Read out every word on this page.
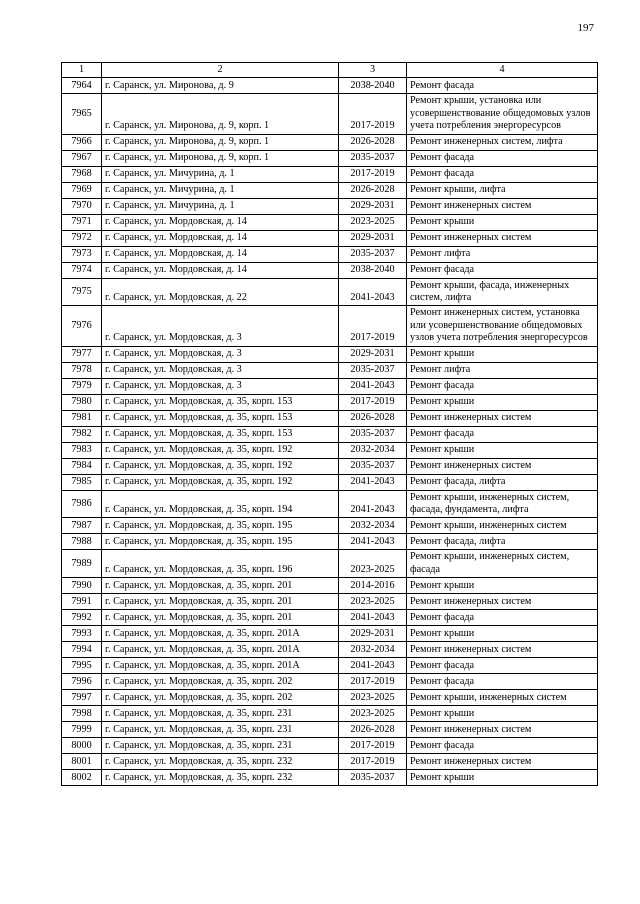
197
1	2	3	4
7964	г. Саранск, ул. Миронова, д. 9	2038-2040	Ремонт фасада
7965	г. Саранск, ул. Миронова, д. 9, корп. 1	2017-2019	Ремонт крыши, установка или усовершенствование общедомовых узлов учета потребления энергоресурсов
7966	г. Саранск, ул. Миронова, д. 9, корп. 1	2026-2028	Ремонт инженерных систем, лифта
7967	г. Саранск, ул. Миронова, д. 9, корп. 1	2035-2037	Ремонт фасада
7968	г. Саранск, ул. Мичурина, д. 1	2017-2019	Ремонт фасада
7969	г. Саранск, ул. Мичурина, д. 1	2026-2028	Ремонт крыши, лифта
7970	г. Саранск, ул. Мичурина, д. 1	2029-2031	Ремонт инженерных систем
7971	г. Саранск, ул. Мордовская, д. 14	2023-2025	Ремонт крыши
7972	г. Саранск, ул. Мордовская, д. 14	2029-2031	Ремонт инженерных систем
7973	г. Саранск, ул. Мордовская, д. 14	2035-2037	Ремонт лифта
7974	г. Саранск, ул. Мордовская, д. 14	2038-2040	Ремонт фасада
7975	г. Саранск, ул. Мордовская, д. 22	2041-2043	Ремонт крыши, фасада, инженерных систем, лифта
7976	г. Саранск, ул. Мордовская, д. 3	2017-2019	Ремонт инженерных систем, установка или усовершенствование общедомовых узлов учета потребления энергоресурсов
7977	г. Саранск, ул. Мордовская, д. 3	2029-2031	Ремонт крыши
7978	г. Саранск, ул. Мордовская, д. 3	2035-2037	Ремонт лифта
7979	г. Саранск, ул. Мордовская, д. 3	2041-2043	Ремонт фасада
7980	г. Саранск, ул. Мордовская, д. 35, корп. 153	2017-2019	Ремонт крыши
7981	г. Саранск, ул. Мордовская, д. 35, корп. 153	2026-2028	Ремонт инженерных систем
7982	г. Саранск, ул. Мордовская, д. 35, корп. 153	2035-2037	Ремонт фасада
7983	г. Саранск, ул. Мордовская, д. 35, корп. 192	2032-2034	Ремонт крыши
7984	г. Саранск, ул. Мордовская, д. 35, корп. 192	2035-2037	Ремонт инженерных систем
7985	г. Саранск, ул. Мордовская, д. 35, корп. 192	2041-2043	Ремонт фасада, лифта
7986	г. Саранск, ул. Мордовская, д. 35, корп. 194	2041-2043	Ремонт крыши, инженерных систем, фасада, фундамента, лифта
7987	г. Саранск, ул. Мордовская, д. 35, корп. 195	2032-2034	Ремонт крыши, инженерных систем
7988	г. Саранск, ул. Мордовская, д. 35, корп. 195	2041-2043	Ремонт фасада, лифта
7989	г. Саранск, ул. Мордовская, д. 35, корп. 196	2023-2025	Ремонт крыши, инженерных систем, фасада
7990	г. Саранск, ул. Мордовская, д. 35, корп. 201	2014-2016	Ремонт крыши
7991	г. Саранск, ул. Мордовская, д. 35, корп. 201	2023-2025	Ремонт инженерных систем
7992	г. Саранск, ул. Мордовская, д. 35, корп. 201	2041-2043	Ремонт фасада
7993	г. Саранск, ул. Мордовская, д. 35, корп. 201А	2029-2031	Ремонт крыши
7994	г. Саранск, ул. Мордовская, д. 35, корп. 201А	2032-2034	Ремонт инженерных систем
7995	г. Саранск, ул. Мордовская, д. 35, корп. 201А	2041-2043	Ремонт фасада
7996	г. Саранск, ул. Мордовская, д. 35, корп. 202	2017-2019	Ремонт фасада
7997	г. Саранск, ул. Мордовская, д. 35, корп. 202	2023-2025	Ремонт крыши, инженерных систем
7998	г. Саранск, ул. Мордовская, д. 35, корп. 231	2023-2025	Ремонт крыши
7999	г. Саранск, ул. Мордовская, д. 35, корп. 231	2026-2028	Ремонт инженерных систем
8000	г. Саранск, ул. Мордовская, д. 35, корп. 231	2017-2019	Ремонт фасада
8001	г. Саранск, ул. Мордовская, д. 35, корп. 232	2017-2019	Ремонт инженерных систем
8002	г. Саранск, ул. Мордовская, д. 35, корп. 232	2035-2037	Ремонт крыши
